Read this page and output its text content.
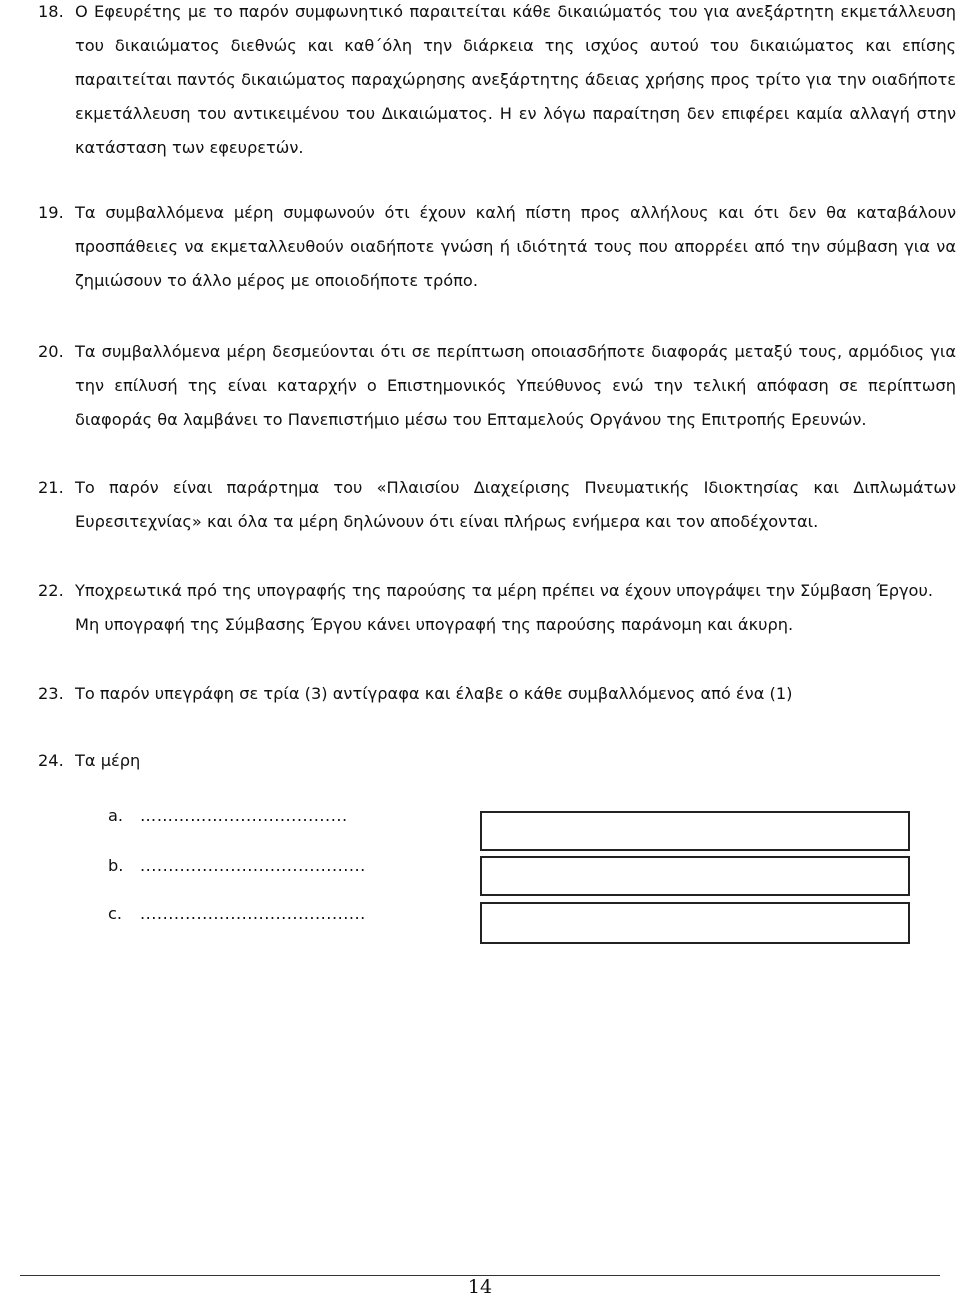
18. Ο Εφευρέτης με το παρόν συμφωνητικό παραιτείται κάθε δικαιώματός του για ανεξάρτητη εκμετάλλευση
του δικαιώματος διεθνώς και καθ΄όλη την διάρκεια της ισχύος αυτού του δικαιώματος και επίσης
παραιτείται παντός δικαιώματος παραχώρησης ανεξάρτητης άδειας χρήσης προς τρίτο για την οιαδήποτε
εκμετάλλευση του αντικειμένου του Δικαιώματος. Η εν λόγω παραίτηση δεν επιφέρει καμία αλλαγή στην
κατάσταση των εφευρετών.
19. Τα συμβαλλόμενα μέρη συμφωνούν ότι έχουν καλή πίστη προς αλλήλους και ότι δεν θα καταβάλουν
προσπάθειες να εκμεταλλευθούν οιαδήποτε γνώση ή ιδιότητά τους που απορρέει από την σύμβαση για να
ζημιώσουν το άλλο μέρος με οποιοδήποτε τρόπο.
20. Τα συμβαλλόμενα μέρη δεσμεύονται ότι σε περίπτωση οποιασδήποτε διαφοράς μεταξύ τους, αρμόδιος για
την επίλυσή της είναι καταρχήν ο Επιστημονικός Υπεύθυνος ενώ την τελική απόφαση σε περίπτωση
διαφοράς θα λαμβάνει το Πανεπιστήμιο μέσω του Επταμελούς Οργάνου της Επιτροπής Ερευνών.
21. Το παρόν είναι παράρτημα του «Πλαισίου Διαχείρισης Πνευματικής Ιδιοκτησίας και Διπλωμάτων
Ευρεσιτεχνίας» και όλα τα μέρη δηλώνουν ότι είναι πλήρως ενήμερα και τον αποδέχονται.
22. Υποχρεωτικά πρό της υπογραφής της παρούσης τα μέρη πρέπει να έχουν υπογράψει την Σύμβαση Έργου.
Μη υπογραφή της Σύμβασης Έργου κάνει υπογραφή της παρούσης παράνομη και άκυρη.
23. Το παρόν υπεγράφη σε τρία (3) αντίγραφα και έλαβε ο κάθε συμβαλλόμενος από ένα (1)
24. Τα μέρη
a.	……………......................
b.	........................................
c.	........................................
14
